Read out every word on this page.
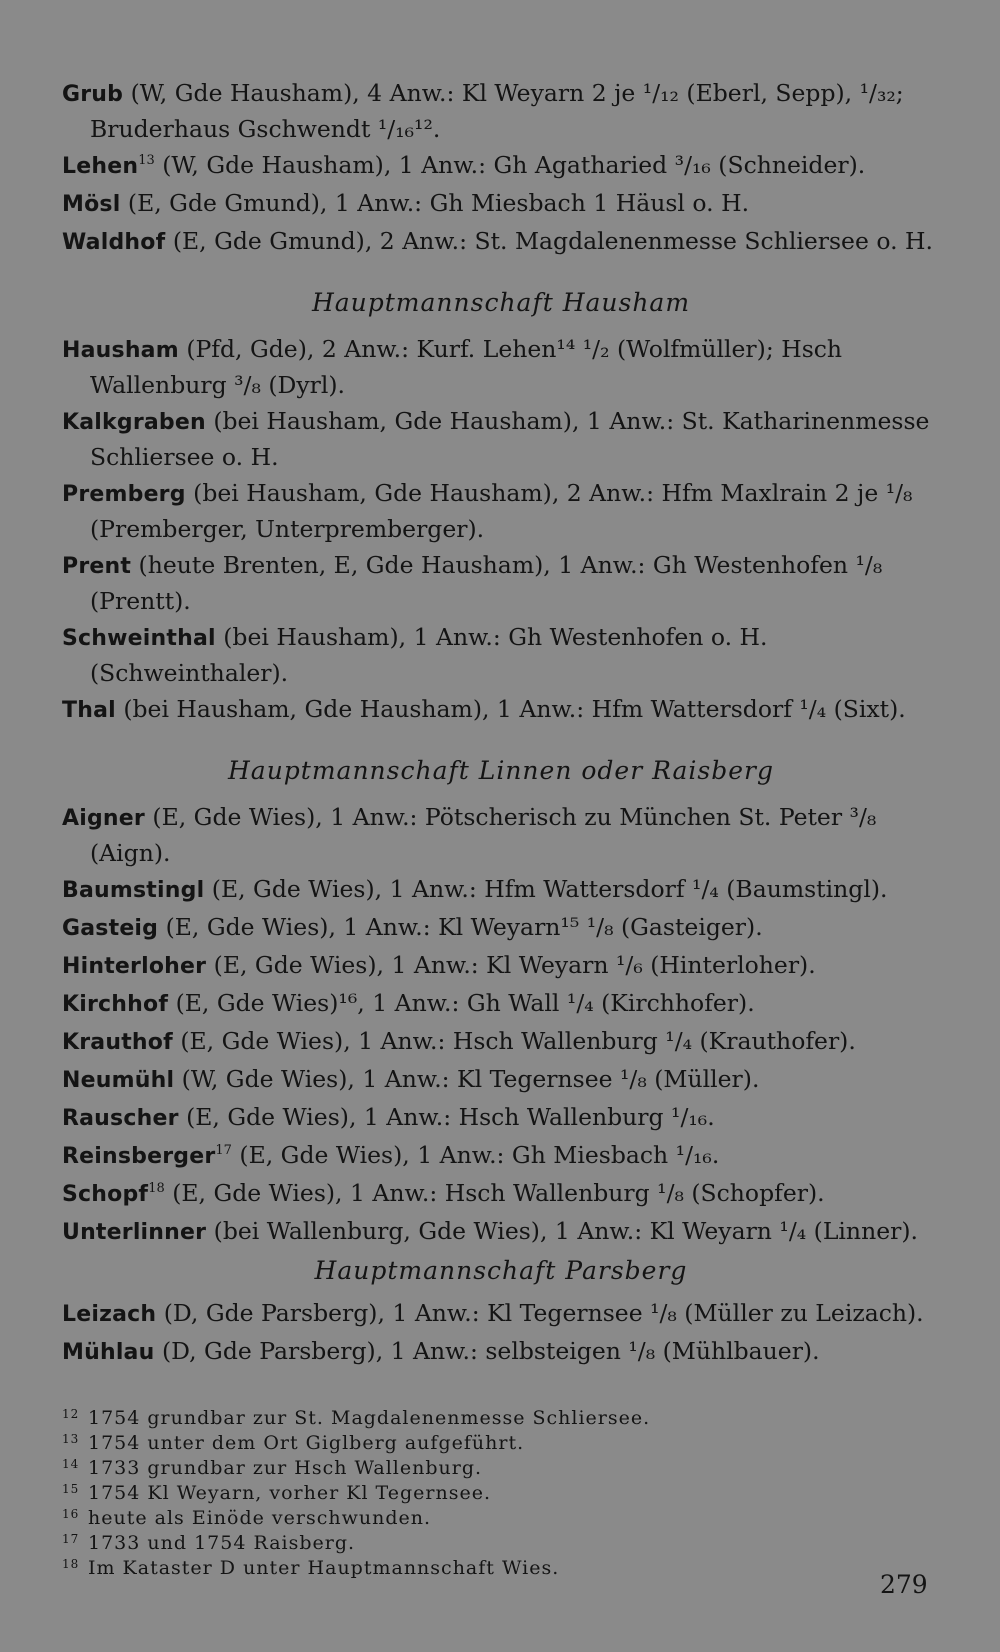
Grub (W, Gde Hausham), 4 Anw.: Kl Weyarn 2 je ¹/₁₂ (Eberl, Sepp), ¹/₃₂; Bruderhaus Gschwendt ¹/₁₆¹².
Lehen$^{13}$ (W, Gde Hausham), 1 Anw.: Gh Agatharied ³/₁₆ (Schneider).
Mösl (E, Gde Gmund), 1 Anw.: Gh Miesbach 1 Häusl o. H.
Waldhof (E, Gde Gmund), 2 Anw.: St. Magdalenenmesse Schliersee o. H.
Hauptmannschaft Hausham
Hausham (Pfd, Gde), 2 Anw.: Kurf. Lehen¹⁴ ¹/₂ (Wolfmüller); Hsch Wallenburg ³/₈ (Dyrl).
Kalkgraben (bei Hausham, Gde Hausham), 1 Anw.: St. Katharinenmesse Schliersee o. H.
Premberg (bei Hausham, Gde Hausham), 2 Anw.: Hfm Maxlrain 2 je ¹/₈ (Premberger, Unterpremberger).
Prent (heute Brenten, E, Gde Hausham), 1 Anw.: Gh Westenhofen ¹/₈ (Prentt).
Schweinthal (bei Hausham), 1 Anw.: Gh Westenhofen o. H. (Schweinthaler).
Thal (bei Hausham, Gde Hausham), 1 Anw.: Hfm Wattersdorf ¹/₄ (Sixt).
Hauptmannschaft Linnen oder Raisberg
Aigner (E, Gde Wies), 1 Anw.: Pötscherisch zu München St. Peter ³/₈ (Aign).
Baumstingl (E, Gde Wies), 1 Anw.: Hfm Wattersdorf ¹/₄ (Baumstingl).
Gasteig (E, Gde Wies), 1 Anw.: Kl Weyarn¹⁵ ¹/₈ (Gasteiger).
Hinterloher (E, Gde Wies), 1 Anw.: Kl Weyarn ¹/₆ (Hinterloher).
Kirchhof (E, Gde Wies)¹⁶, 1 Anw.: Gh Wall ¹/₄ (Kirchhofer).
Krauthof (E, Gde Wies), 1 Anw.: Hsch Wallenburg ¹/₄ (Krauthofer).
Neumühl (W, Gde Wies), 1 Anw.: Kl Tegernsee ¹/₈ (Müller).
Rauscher (E, Gde Wies), 1 Anw.: Hsch Wallenburg ¹/₁₆.
Reinsberger$^{17}$ (E, Gde Wies), 1 Anw.: Gh Miesbach ¹/₁₆.
Schopf$^{18}$ (E, Gde Wies), 1 Anw.: Hsch Wallenburg ¹/₈ (Schopfer).
Unterlinner (bei Wallenburg, Gde Wies), 1 Anw.: Kl Weyarn ¹/₄ (Linner).
Hauptmannschaft Parsberg
Leizach (D, Gde Parsberg), 1 Anw.: Kl Tegernsee ¹/₈ (Müller zu Leizach).
Mühlau (D, Gde Parsberg), 1 Anw.: selbsteigen ¹/₈ (Mühlbauer).
$^{12}$ 1754 grundbar zur St. Magdalenenmesse Schliersee.
$^{13}$ 1754 unter dem Ort Giglberg aufgeführt.
$^{14}$ 1733 grundbar zur Hsch Wallenburg.
$^{15}$ 1754 Kl Weyarn, vorher Kl Tegernsee.
$^{16}$ heute als Einöde verschwunden.
$^{17}$ 1733 und 1754 Raisberg.
$^{18}$ Im Kataster D unter Hauptmannschaft Wies.
279
